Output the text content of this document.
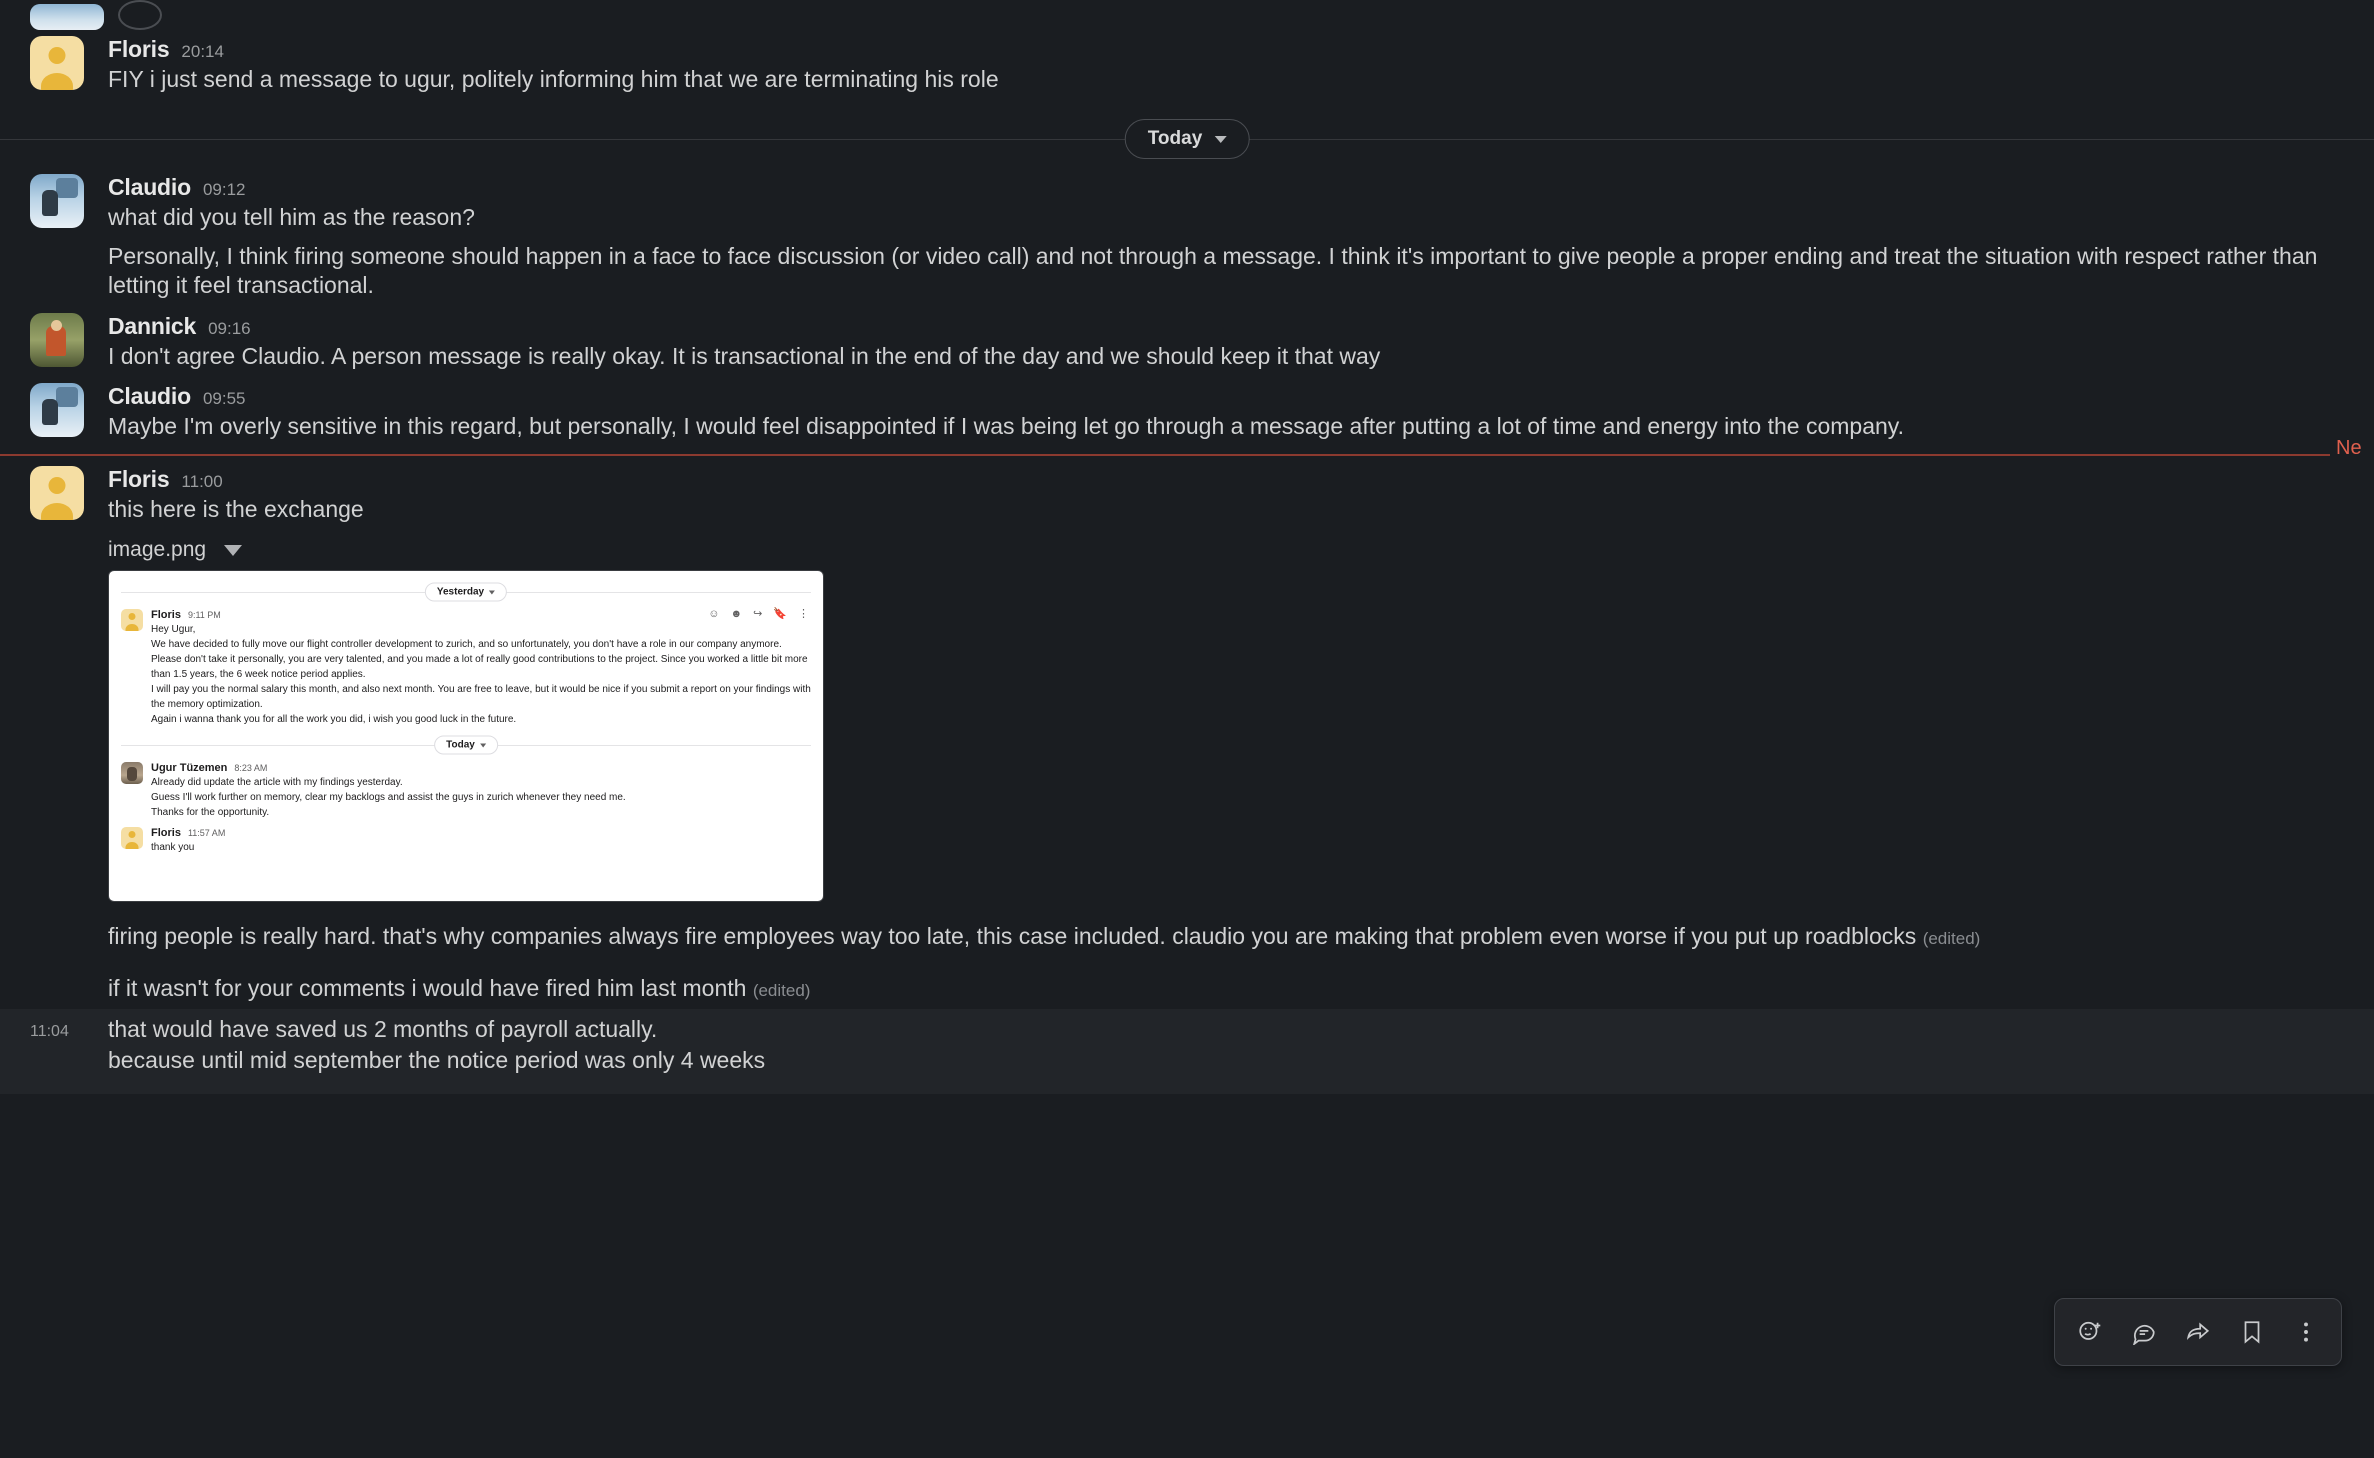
Floris 20:14
FIY i just send a message to ugur, politely informing him that we are terminating his role
Today
Claudio 09:12
what did you tell him as the reason?
Personally, I think firing someone should happen in a face to face discussion (or video call) and not through a message. I think it's important to give people a proper ending and treat the situation with respect rather than letting it feel transactional.
Dannick 09:16
I don't agree Claudio. A person message is really okay. It is transactional in the end of the day and we should keep it that way
Claudio 09:55
Maybe I'm overly sensitive in this regard, but personally, I would feel disappointed if I was being let go through a message after putting a lot of time and energy into the company.
Ne
Floris 11:00
this here is the exchange
image.png
Yesterday
☺ ☻ ↪ 🔖 ⋮
Floris 9:11 PM
Hey Ugur,
We have decided to fully move our flight controller development to zurich, and so unfortunately, you don't have a role in our company anymore. Please don't take it personally, you are very talented, and you made a lot of really good contributions to the project. Since you worked a little bit more than 1.5 years, the 6 week notice period applies.
I will pay you the normal salary this month, and also next month. You are free to leave, but it would be nice if you submit a report on your findings with the memory optimization.
Again i wanna thank you for all the work you did, i wish you good luck in the future.
Today
Ugur Tüzemen 8:23 AM
Already did update the article with my findings yesterday.
Guess I'll work further on memory, clear my backlogs and assist the guys in zurich whenever they need me.
Thanks for the opportunity.
Floris 11:57 AM
thank you
firing people is really hard. that's why companies always fire employees way too late, this case included. claudio you are making that problem even worse if you put up roadblocks (edited)
if it wasn't for your comments i would have fired him last month (edited)
11:04	that would have saved us 2 months of payroll actually.
because until mid september the notice period was only 4 weeks
